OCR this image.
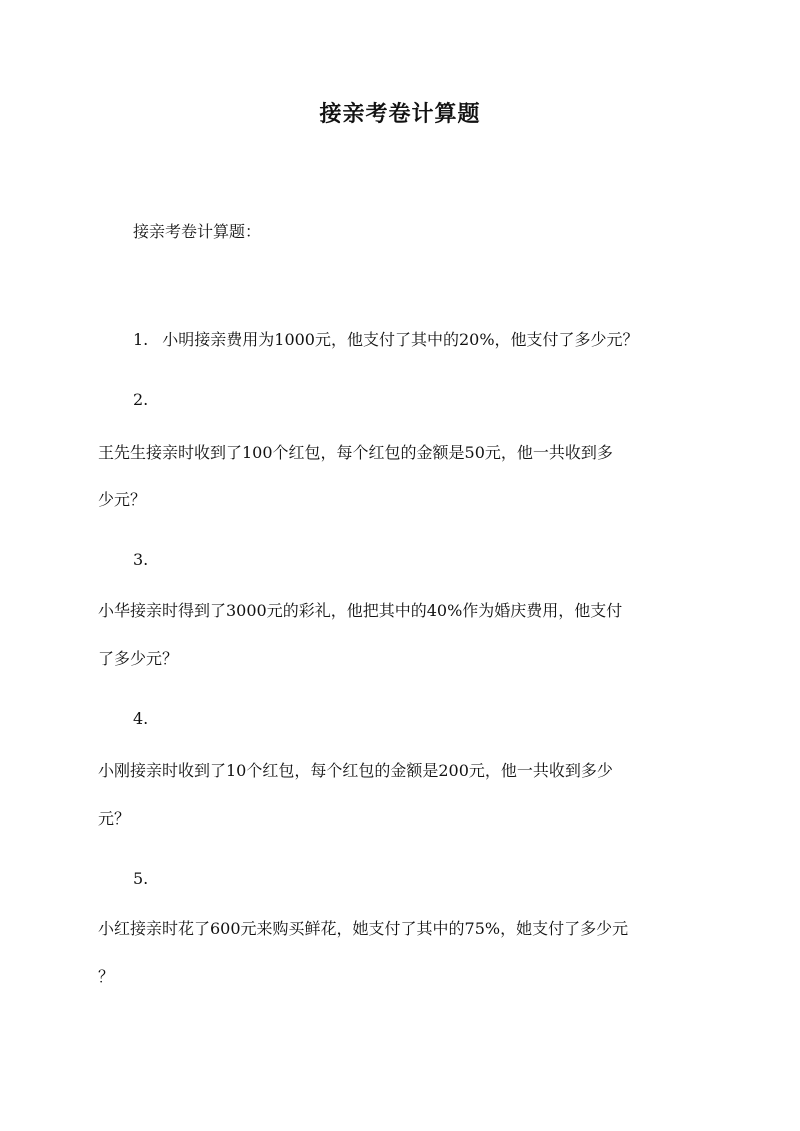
接亲考卷计算题
接亲考卷计算题：
1. 小明接亲费用为1000元，他支付了其中的20%，他支付了多少元？
2.
王先生接亲时收到了100个红包，每个红包的金额是50元，他一共收到多
少元？
3.
小华接亲时得到了3000元的彩礼，他把其中的40%作为婚庆费用，他支付
了多少元？
4.
小刚接亲时收到了10个红包，每个红包的金额是200元，他一共收到多少
元？
5.
小红接亲时花了600元来购买鲜花，她支付了其中的75%，她支付了多少元
？
